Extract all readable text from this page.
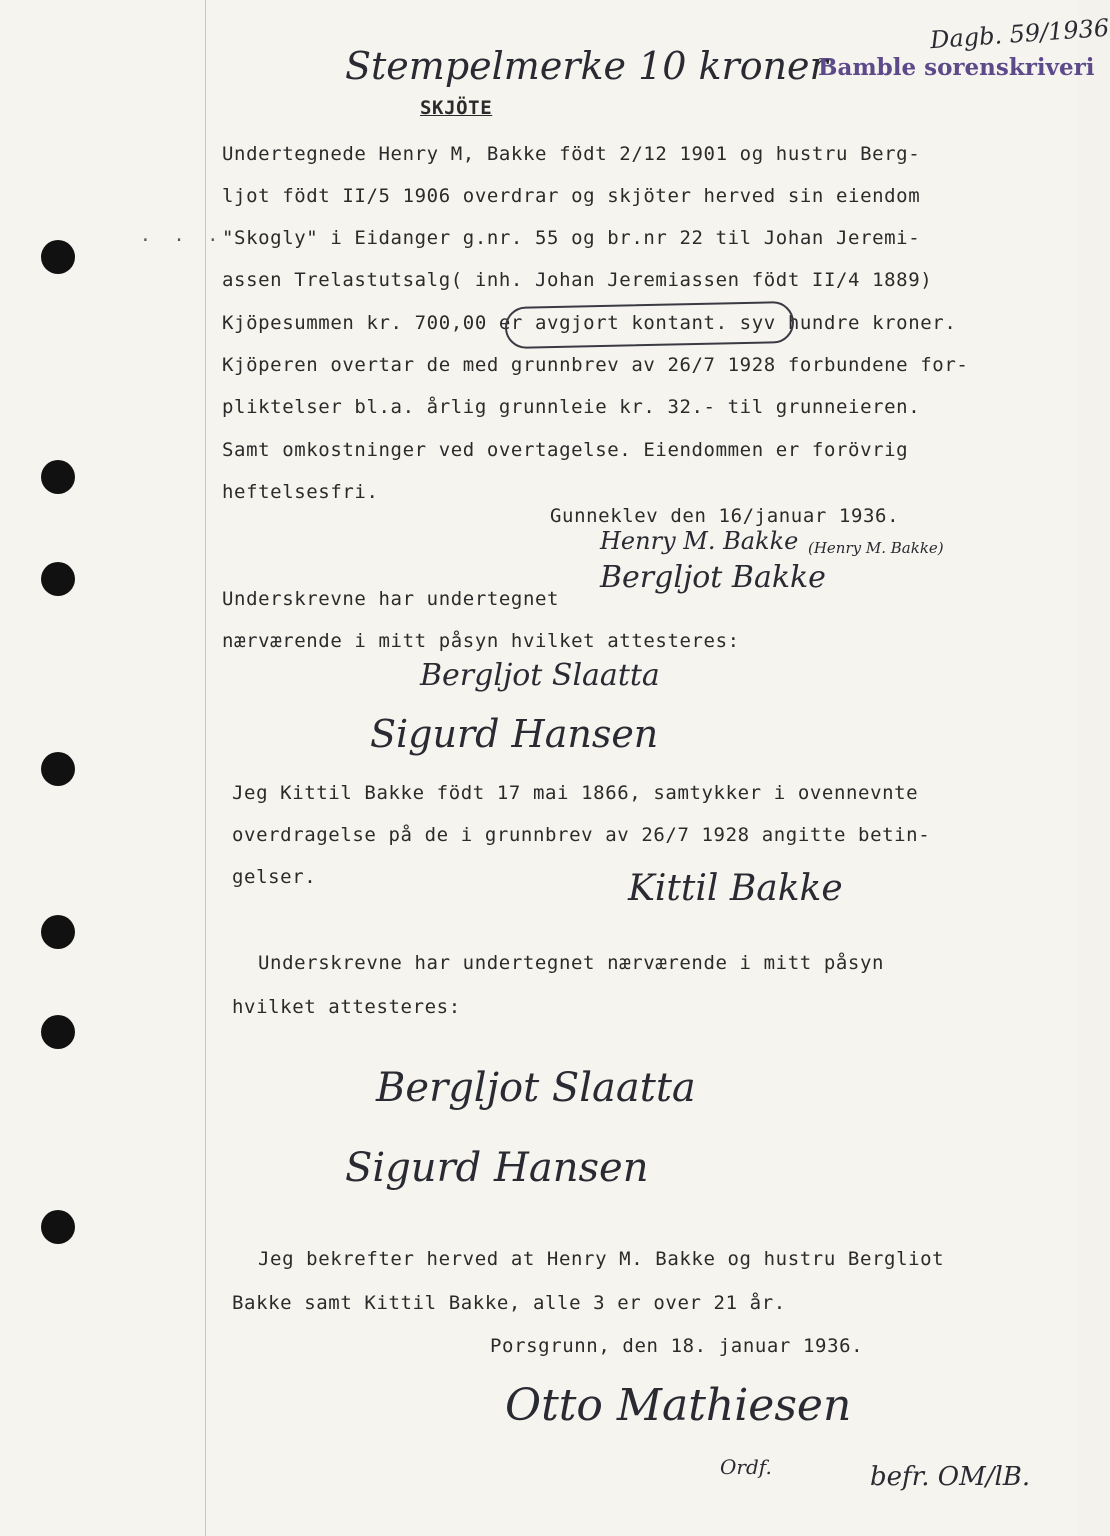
· · ·
Stempelmerke 10 kroner
Bamble sorenskriveri
Dagb. 59/1936
SKJÖTE
Undertegnede Henry M, Bakke födt 2/12 1901 og hustru Berg-
ljot födt II/5 1906 overdrar og skjöter herved sin eiendom
"Skogly" i Eidanger g.nr. 55 og br.nr 22 til Johan Jeremi-
assen Trelastutsalg( inh. Johan Jeremiassen födt II/4 1889)
Kjöpesummen kr. 700,00 er avgjort kontant. syv hundre kroner.
Kjöperen overtar de med grunnbrev av 26/7 1928 forbundene for-
pliktelser bl.a. årlig grunnleie kr. 32.- til grunneieren.
Samt omkostninger ved overtagelse. Eiendommen er forövrig
heftelsesfri.
Gunneklev den 16/januar 1936.
Henry M. Bakke (Henry M. Bakke)
Bergljot Bakke
Underskrevne har undertegnet
nærværende i mitt påsyn hvilket attesteres:
Bergljot Slaatta
Sigurd Hansen
Jeg Kittil Bakke födt 17 mai 1866, samtykker i ovennevnte
overdragelse på de i grunnbrev av 26/7 1928 angitte betin-
gelser.	Kittil Bakke
Underskrevne har undertegnet nærværende i mitt påsyn
hvilket attesteres:
Bergljot Slaatta
Sigurd Hansen
Jeg bekrefter herved at Henry M. Bakke og hustru Bergliot
Bakke samt Kittil Bakke, alle 3 er over 21 år.
Porsgrunn, den 18. januar 1936.
Otto Mathiesen
Ordf.	befr. OM/lB.
